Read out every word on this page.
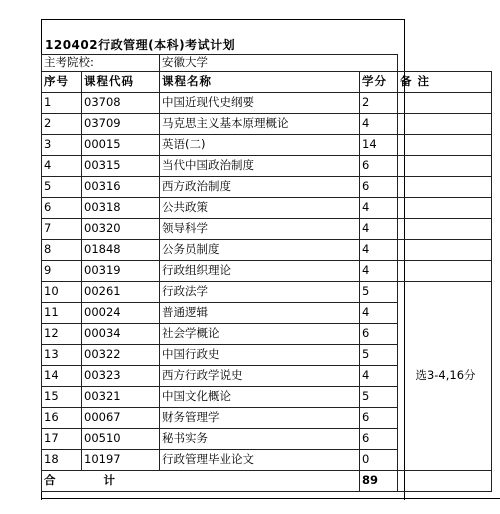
120402行政管理(本科)考试计划
主考院校:		安徽大学		
序号	课程代码	课程名称	学分	备 注
1	03708	中国近现代史纲要	2	
2	03709	马克思主义基本原理概论	4	
3	00015	英语(二)	14	
4	00315	当代中国政治制度	6	
5	00316	西方政治制度	6	
6	00318	公共政策	4	
7	00320	领导科学	4	
8	01848	公务员制度	4	
9	00319	行政组织理论	4	
10	00261	行政法学	5	选3-4,16分
11	00024	普通逻辑	4	
12	00034	社会学概论	6	
13	00322	中国行政史	5	
14	00323	西方行政学说史	4	
15	00321	中国文化概论	5	
16	00067	财务管理学	6	
17	00510	秘书实务	6	
18	10197	行政管理毕业论文	0	
合 计			89	
